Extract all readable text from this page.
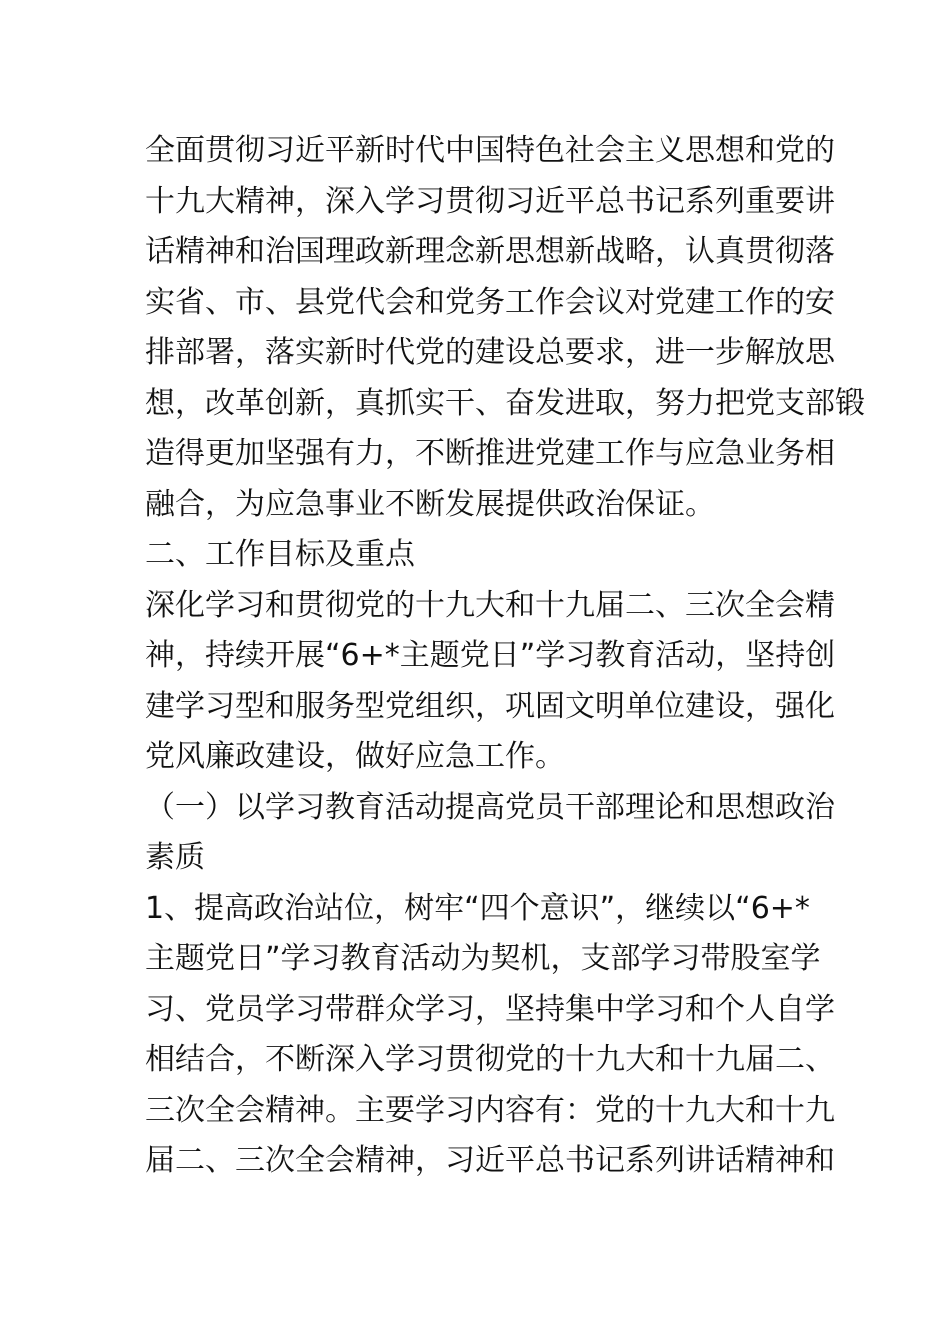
全面贯彻习近平新时代中国特色社会主义思想和党的
十九大精神，深入学习贯彻习近平总书记系列重要讲
话精神和治国理政新理念新思想新战略，认真贯彻落
实省、市、县党代会和党务工作会议对党建工作的安
排部署，落实新时代党的建设总要求，进一步解放思
想，改革创新，真抓实干、奋发进取，努力把党支部锻
造得更加坚强有力，不断推进党建工作与应急业务相
融合，为应急事业不断发展提供政治保证。
二、工作目标及重点
深化学习和贯彻党的十九大和十九届二、三次全会精
神，持续开展“6+*主题党日”学习教育活动，坚持创
建学习型和服务型党组织，巩固文明单位建设，强化
党风廉政建设，做好应急工作。
（一）以学习教育活动提高党员干部理论和思想政治
素质
1、提高政治站位，树牢“四个意识”，继续以“6+*
主题党日”学习教育活动为契机，支部学习带股室学
习、党员学习带群众学习，坚持集中学习和个人自学
相结合，不断深入学习贯彻党的十九大和十九届二、
三次全会精神。主要学习内容有：党的十九大和十九
届二、三次全会精神，习近平总书记系列讲话精神和
